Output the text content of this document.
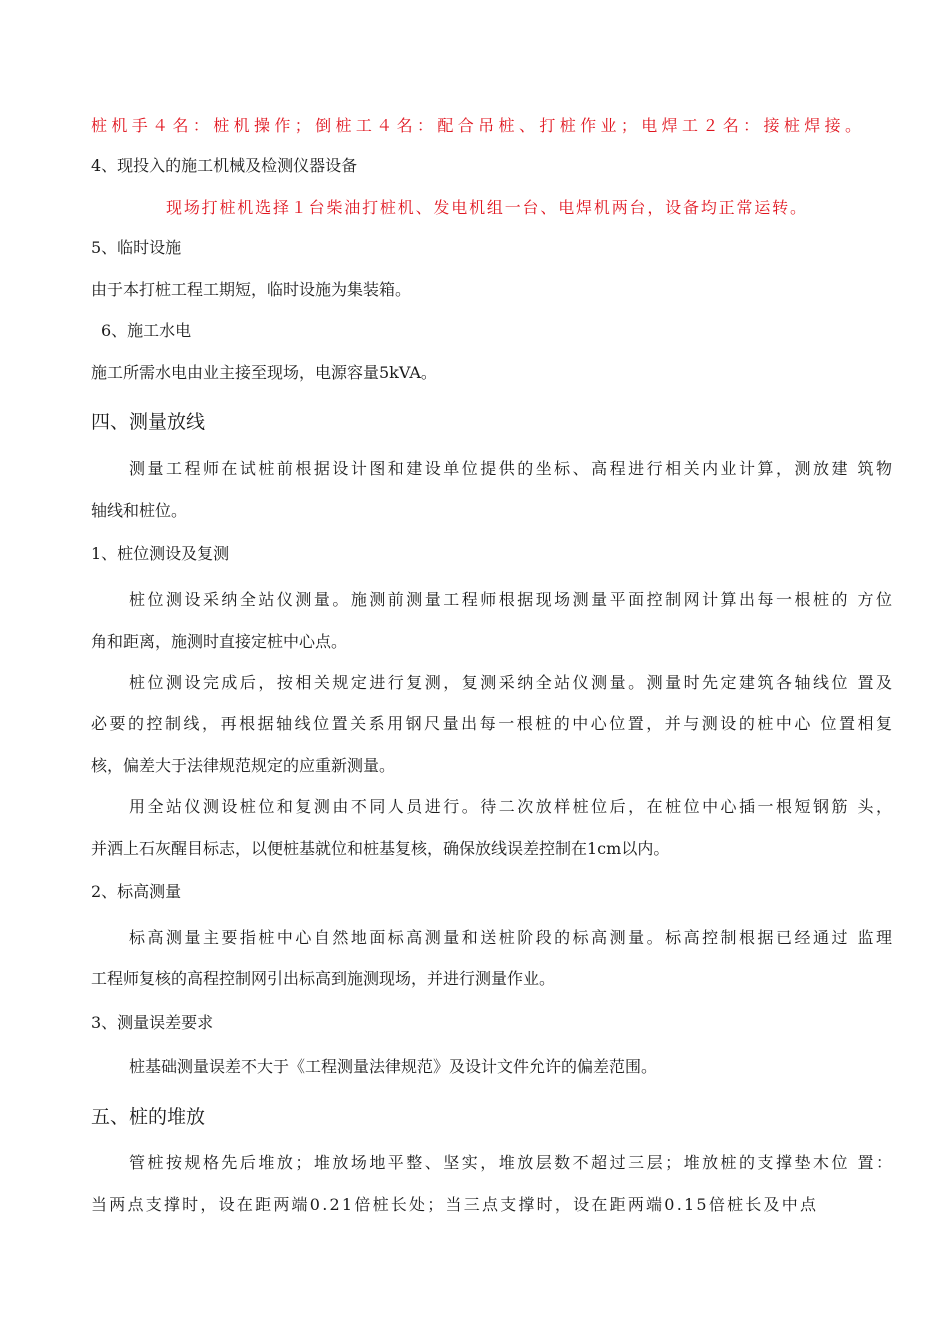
桩机手４名：桩机操作；倒桩工４名：配合吊桩、打桩作业；电焊工２名：接桩焊接。

4、现投入的施工机械及检测仪器设备

现场打桩机选择１台柴油打桩机、发电机组一台、电焊机两台，设备均正常运转。

5、临时设施

由于本打桩工程工期短，临时设施为集装箱。

6、施工水电

施工所需水电由业主接至现场，电源容量5kVA。

四、测量放线

测量工程师在试桩前根据设计图和建设单位提供的坐标、高程进行相关内业计算，测放建 筑物

轴线和桩位。

1、桩位测设及复测

桩位测设采纳全站仪测量。施测前测量工程师根据现场测量平面控制网计算出每一根桩的 方位

角和距离，施测时直接定桩中心点。

桩位测设完成后，按相关规定进行复测，复测采纳全站仪测量。测量时先定建筑各轴线位 置及

必要的控制线，再根据轴线位置关系用钢尺量出每一根桩的中心位置，并与测设的桩中心 位置相复

核，偏差大于法律规范规定的应重新测量。

用全站仪测设桩位和复测由不同人员进行。待二次放样桩位后，在桩位中心插一根短钢筋 头，

并洒上石灰醒目标志，以便桩基就位和桩基复核，确保放线误差控制在1cm以内。

2、标高测量

标高测量主要指桩中心自然地面标高测量和送桩阶段的标高测量。标高控制根据已经通过 监理

工程师复核的高程控制网引出标高到施测现场，并进行测量作业。

3、测量误差要求

桩基础测量误差不大于《工程测量法律规范》及设计文件允许的偏差范围。

五、桩的堆放

管桩按规格先后堆放；堆放场地平整、坚实，堆放层数不超过三层；堆放桩的支撑垫木位 置：

当两点支撑时，设在距两端0.21倍桩长处；当三点支撑时，设在距两端0.15倍桩长及中点
